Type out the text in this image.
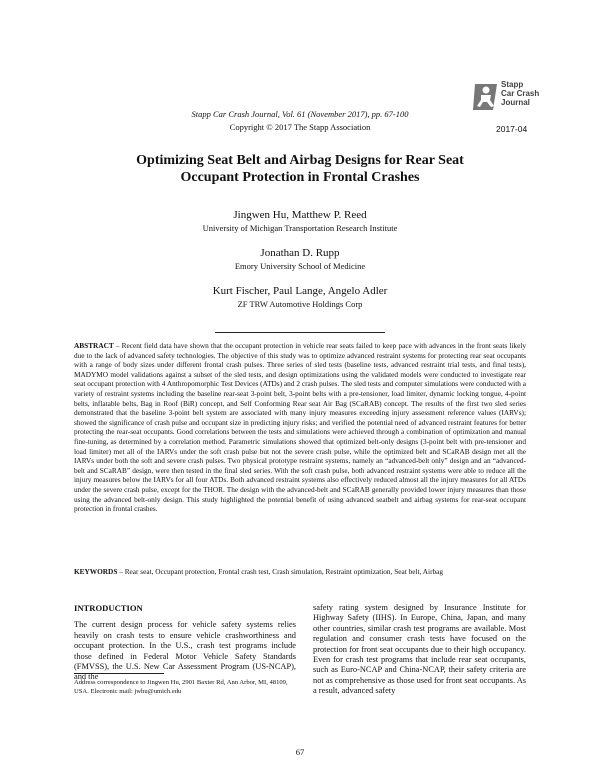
Stapp Car Crash Journal, Vol. 61 (November 2017), pp. 67-100
Copyright © 2017 The Stapp Association
Stapp
Car Crash
Journal
2017-04
Optimizing Seat Belt and Airbag Designs for Rear Seat
Occupant Protection in Frontal Crashes
Jingwen Hu, Matthew P. Reed
University of Michigan Transportation Research Institute
Jonathan D. Rupp
Emory University School of Medicine
Kurt Fischer, Paul Lange, Angelo Adler
ZF TRW Automotive Holdings Corp
ABSTRACT – Recent field data have shown that the occupant protection in vehicle rear seats failed to keep pace with advances in the front seats likely due to the lack of advanced safety technologies. The objective of this study was to optimize advanced restraint systems for protecting rear seat occupants with a range of body sizes under different frontal crash pulses. Three series of sled tests (baseline tests, advanced restraint trial tests, and final tests), MADYMO model validations against a subset of the sled tests, and design optimizations using the validated models were conducted to investigate rear seat occupant protection with 4 Anthropomorphic Test Devices (ATDs) and 2 crash pulses. The sled tests and computer simulations were conducted with a variety of restraint systems including the baseline rear-seat 3-point belt, 3-point belts with a pre-tensioner, load limiter, dynamic locking tongue, 4-point belts, inflatable belts, Bag in Roof (BiR) concept, and Self Conforming Rear seat Air Bag (SCaRAB) concept. The results of the first two sled series demonstrated that the baseline 3-point belt system are associated with many injury measures exceeding injury assessment reference values (IARVs); showed the significance of crash pulse and occupant size in predicting injury risks; and verified the potential need of advanced restraint features for better protecting the rear-seat occupants. Good correlations between the tests and simulations were achieved through a combination of optimization and manual fine-tuning, as determined by a correlation method. Parametric simulations showed that optimized belt-only designs (3-point belt with pre-tensioner and load limiter) met all of the IARVs under the soft crash pulse but not the severe crash pulse, while the optimized belt and SCaRAB design met all the IARVs under both the soft and severe crash pulses. Two physical prototype restraint systems, namely an “advanced-belt only” design and an “advanced-belt and SCaRAB” design, were then tested in the final sled series. With the soft crash pulse, both advanced restraint systems were able to reduce all the injury measures below the IARVs for all four ATDs. Both advanced restraint systems also effectively reduced almost all the injury measures for all ATDs under the severe crash pulse, except for the THOR. The design with the advanced-belt and SCaRAB generally provided lower injury measures than those using the advanced belt-only design. This study highlighted the potential benefit of using advanced seatbelt and airbag systems for rear-seat occupant protection in frontal crashes.
KEYWORDS – Rear seat, Occupant protection, Frontal crash test, Crash simulation, Restraint optimization, Seat belt, Airbag
INTRODUCTION
The current design process for vehicle safety systems relies heavily on crash tests to ensure vehicle crashworthiness and occupant protection. In the U.S., crash test programs include those defined in Federal Motor Vehicle Safety Standards (FMVSS), the U.S. New Car Assessment Program (US-NCAP), and the
safety rating system designed by Insurance Institute for Highway Safety (IIHS). In Europe, China, Japan, and many other countries, similar crash test programs are available. Most regulation and consumer crash tests have focused on the protection for front seat occupants due to their high occupancy. Even for crash test programs that include rear seat occupants, such as Euro-NCAP and China-NCAP, their safety criteria are not as comprehensive as those used for front seat occupants. As a result, advanced safety
Address correspondence to Jingwen Hu, 2901 Baxter Rd, Ann Arbor, MI, 48109, USA. Electronic mail: jwhu@umich.edu
67
